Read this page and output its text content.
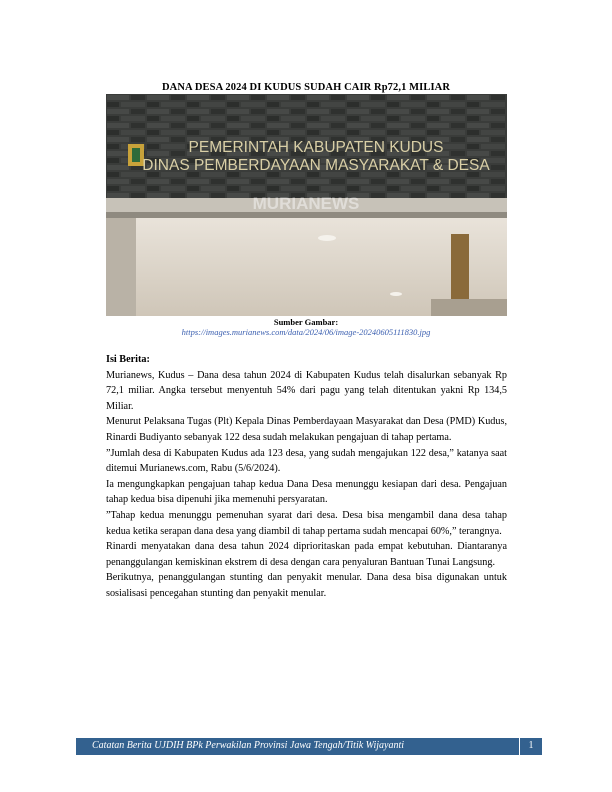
DANA DESA 2024 DI KUDUS SUDAH CAIR Rp72,1 MILIAR
PEMERINTAH KABUPATEN KUDUS
DINAS PEMBERDAYAAN MASYARAKAT & DESA
MURIANEWS
Sumber Gambar:
https://images.murianews.com/data/2024/06/image-20240605111830.jpg

Isi Berita:

Murianews, Kudus – Dana desa tahun 2024 di Kabupaten Kudus telah disalurkan sebanyak Rp 72,1 miliar. Angka tersebut menyentuh 54% dari pagu yang telah ditentukan yakni Rp 134,5 Miliar.

Menurut Pelaksana Tugas (Plt) Kepala Dinas Pemberdayaan Masyarakat dan Desa (PMD) Kudus, Rinardi Budiyanto sebanyak 122 desa sudah melakukan pengajuan di tahap pertama.

”Jumlah desa di Kabupaten Kudus ada 123 desa, yang sudah mengajukan 122 desa,” katanya saat ditemui Murianews.com, Rabu (5/6/2024).

Ia mengungkapkan pengajuan tahap kedua Dana Desa menunggu kesiapan dari desa. Pengajuan tahap kedua bisa dipenuhi jika memenuhi persyaratan.

”Tahap kedua menunggu pemenuhan syarat dari desa. Desa bisa mengambil dana desa tahap kedua ketika serapan dana desa yang diambil di tahap pertama sudah mencapai 60%,” terangnya.

Rinardi menyatakan dana desa tahun 2024 diprioritaskan pada empat kebutuhan. Diantaranya penanggulangan kemiskinan ekstrem di desa dengan cara penyaluran Bantuan Tunai Langsung.

Berikutnya, penanggulangan stunting dan penyakit menular. Dana desa bisa digunakan untuk sosialisasi pencegahan stunting dan penyakit menular.

Catatan Berita UJDIH BPk Perwakilan Provinsi Jawa Tengah/Titik Wijayanti	1
